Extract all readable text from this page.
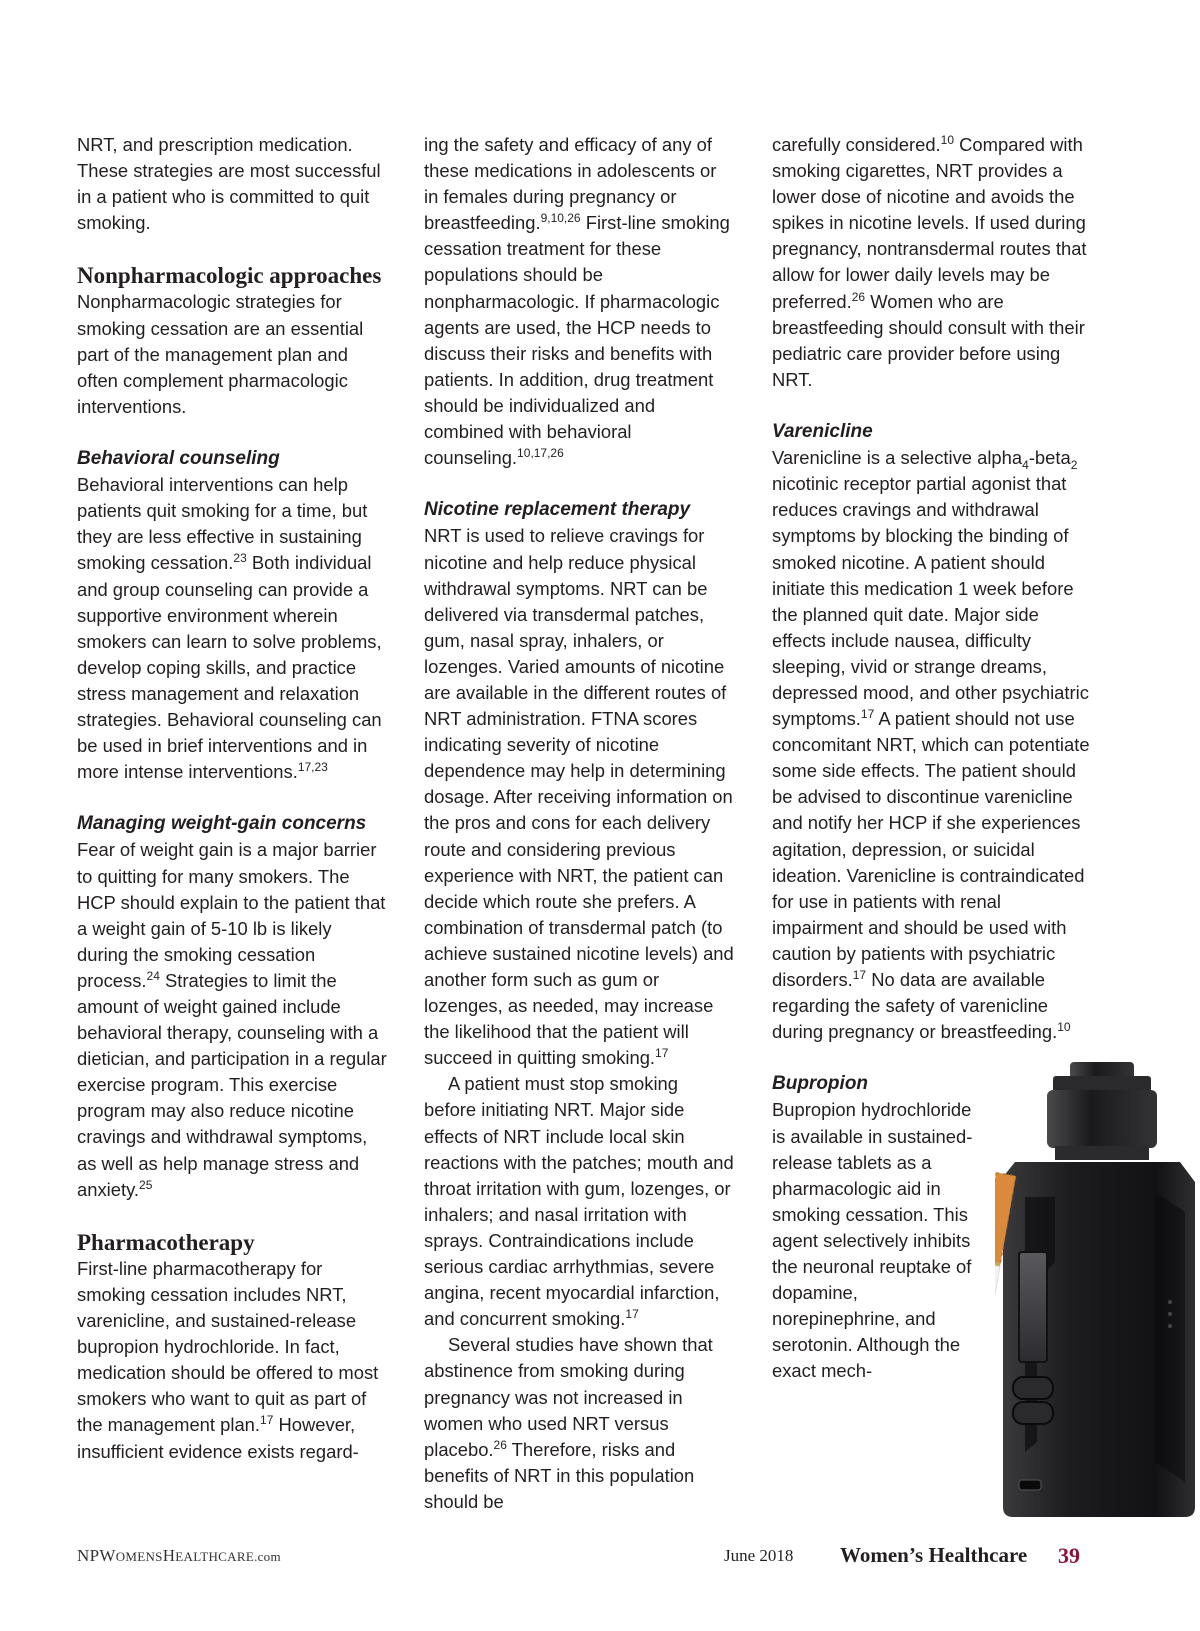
NRT, and prescription medication. These strategies are most successful in a patient who is committed to quit smoking.

Nonpharmacologic approaches

Nonpharmacologic strategies for smoking cessation are an essential part of the management plan and often complement pharmacologic interventions.

Behavioral counseling

Behavioral interventions can help patients quit smoking for a time, but they are less effective in sustaining smoking cessation.$^{23}$ Both individual and group counseling can provide a supportive environment wherein smokers can learn to solve problems, develop coping skills, and practice stress management and relaxation strategies. Behavioral counseling can be used in brief interventions and in more intense interventions.$^{17,23}$

Managing weight-gain concerns

Fear of weight gain is a major barrier to quitting for many smokers. The HCP should explain to the patient that a weight gain of 5-10 lb is likely during the smoking cessation process.$^{24}$ Strategies to limit the amount of weight gained include behavioral therapy, counseling with a dietician, and participation in a regular exercise program. This exercise program may also reduce nicotine cravings and withdrawal symptoms, as well as help manage stress and anxiety.$^{25}$

Pharmacotherapy

First-line pharmacotherapy for smoking cessation includes NRT, varenicline, and sustained-release bupropion hydrochloride. In fact, medication should be offered to most smokers who want to quit as part of the management plan.$^{17}$ However, insufficient evidence exists regard-

ing the safety and efficacy of any of these medications in adolescents or in females during pregnancy or breastfeeding.$^{9,10,26}$ First-line smoking cessation treatment for these populations should be nonpharmacologic. If pharmacologic agents are used, the HCP needs to discuss their risks and benefits with patients. In addition, drug treatment should be individualized and combined with behavioral counseling.$^{10,17,26}$

Nicotine replacement therapy

NRT is used to relieve cravings for nicotine and help reduce physical withdrawal symptoms. NRT can be delivered via transdermal patches, gum, nasal spray, inhalers, or lozenges. Varied amounts of nicotine are available in the different routes of NRT administration. FTNA scores indicating severity of nicotine dependence may help in determining dosage. After receiving information on the pros and cons for each delivery route and considering previous experience with NRT, the patient can decide which route she prefers. A combination of transdermal patch (to achieve sustained nicotine levels) and another form such as gum or lozenges, as needed, may increase the likelihood that the patient will succeed in quitting smoking.$^{17}$

A patient must stop smoking before initiating NRT. Major side effects of NRT include local skin reactions with the patches; mouth and throat irritation with gum, lozenges, or inhalers; and nasal irritation with sprays. Contraindications include serious cardiac arrhythmias, severe angina, recent myocardial infarction, and concurrent smoking.$^{17}$

Several studies have shown that abstinence from smoking during pregnancy was not increased in women who used NRT versus placebo.$^{26}$ Therefore, risks and benefits of NRT in this population should be

carefully considered.$^{10}$ Compared with smoking cigarettes, NRT provides a lower dose of nicotine and avoids the spikes in nicotine levels. If used during pregnancy, nontransdermal routes that allow for lower daily levels may be preferred.$^{26}$ Women who are breastfeeding should consult with their pediatric care provider before using NRT.

Varenicline

Varenicline is a selective alpha$_4$-beta$_2$ nicotinic receptor partial agonist that reduces cravings and withdrawal symptoms by blocking the binding of smoked nicotine. A patient should initiate this medication 1 week before the planned quit date. Major side effects include nausea, difficulty sleeping, vivid or strange dreams, depressed mood, and other psychiatric symptoms.$^{17}$ A patient should not use concomitant NRT, which can potentiate some side effects. The patient should be advised to discontinue varenicline and notify her HCP if she experiences agitation, depression, or suicidal ideation. Varenicline is contraindicated for use in patients with renal impairment and should be used with caution by patients with psychiatric disorders.$^{17}$ No data are available regarding the safety of varenicline during pregnancy or breastfeeding.$^{10}$

Bupropion

Bupropion hydrochloride is available in sustained-release tablets as a pharmacologic aid in smoking cessation. This agent selectively inhibits the neuronal reuptake of dopamine, norepinephrine, and serotonin. Although the exact mech-

NPWOMENSHEALTHCARE.com	June 2018 Women’s Healthcare 39
